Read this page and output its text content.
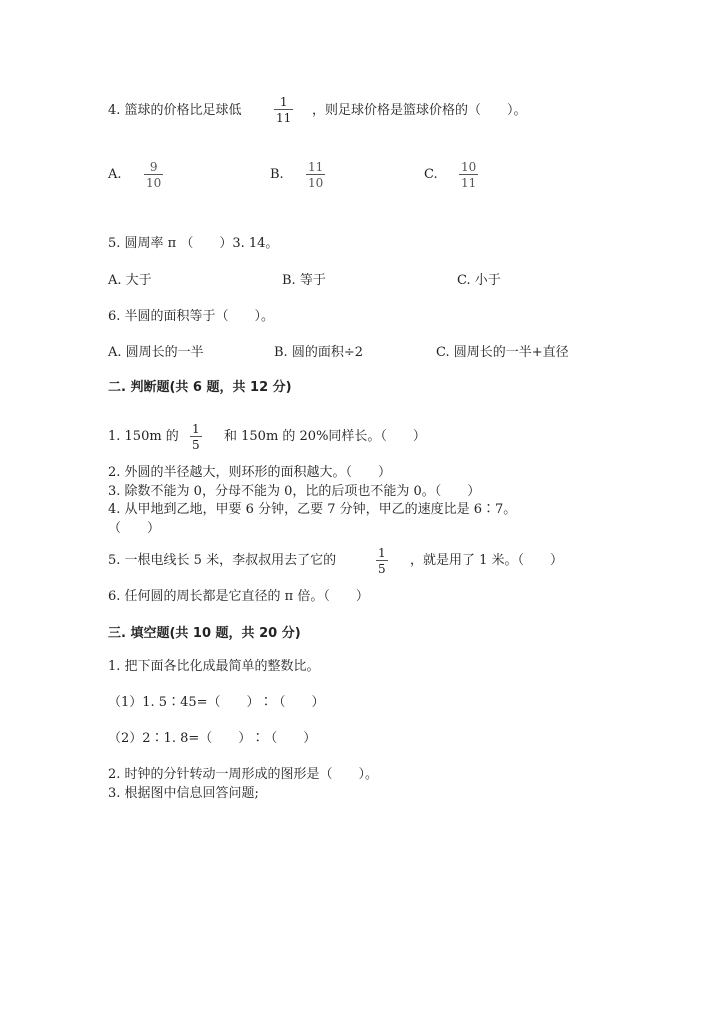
4. 篮球的价格比足球低
1
11 ，则足球价格是篮球价格的（　　）。
A. 9
10
B. 11
10
C. 10
11
5. 圆周率 π （　　）3. 14。
A. 大于	B. 等于	C. 小于
6. 半圆的面积等于（　　）。
A. 圆周长的一半	B. 圆的面积÷2	C. 圆周长的一半+直径
二. 判断题(共 6 题，共 12 分)
1. 150m 的 1
5
和 150m 的 20%同样长。（　　）
2. 外圆的半径越大，则环形的面积越大。（　　）
3. 除数不能为 0，分母不能为 0，比的后项也不能为 0。（　　）
4. 从甲地到乙地，甲要 6 分钟，乙要 7 分钟，甲乙的速度比是 6∶7。
（　　）
5. 一根电线长 5 米，李叔叔用去了它的	1
5
，就是用了 1 米。（　　）
6. 任何圆的周长都是它直径的 π 倍。（　　）
三. 填空题(共 10 题，共 20 分)
1. 把下面各比化成最简单的整数比。
（1）1. 5∶45=（　　）∶（　　）
（2）2∶1. 8=（　　）∶（　　）
2. 时钟的分针转动一周形成的图形是（　　）。
3. 根据图中信息回答问题;
